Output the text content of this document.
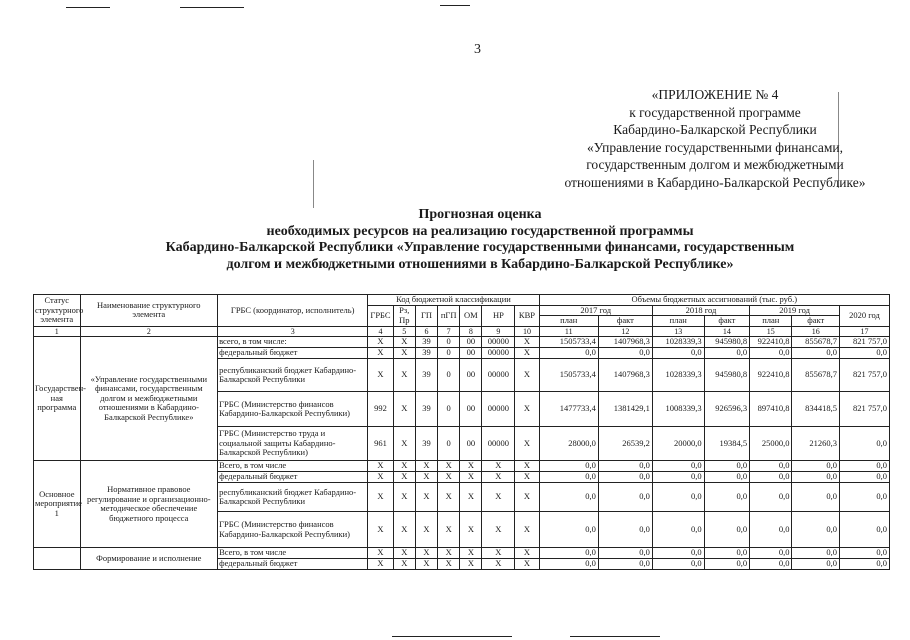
3
«ПРИЛОЖЕНИЕ № 4
к государственной программе
Кабардино-Балкарской Республики
«Управление государственными финансами,
государственным долгом и межбюджетными
отношениями в Кабардино-Балкарской Республике»
Прогнозная оценка
необходимых ресурсов на реализацию государственной программы
Кабардино-Балкарской Республики «Управление государственными финансами, государственным
долгом и межбюджетными отношениями в Кабардино-Балкарской Республике»
Статус структурного элемента	Наименование структурного элемента	ГРБС (координатор, исполнитель)	Код бюджетной классификации							Объемы бюджетных ассигнований (тыс. руб.)						
			ГРБС	Рз, Пр	ГП	пГП	ОМ	НР	КВР	2017 год		2018 год		2019 год		2020 год
										план	факт	план	факт	план	факт	
1	2	3	4	5	6	7	8	9	10	11	12	13	14	15	16	17
Государствен-ная программа	«Управление государственными финансами, государственным долгом и межбюджетными отношениями в Кабардино-Балкарской Республике»	всего, в том числе:	X	X	39	0	00	00000	X	1505733,4	1407968,3	1028339,3	945980,8	922410,8	855678,7	821 757,0
		федеральный бюджет	X	X	39	0	00	00000	X	0,0	0,0	0,0	0,0	0,0	0,0	0,0
		республиканский бюджет Кабардино-Балкарской Республики	X	X	39	0	00	00000	X	1505733,4	1407968,3	1028339,3	945980,8	922410,8	855678,7	821 757,0
		ГРБС (Министерство финансов Кабардино-Балкарской Республики)	992	X	39	0	00	00000	X	1477733,4	1381429,1	1008339,3	926596,3	897410,8	834418,5	821 757,0
		ГРБС (Министерство труда и социальной защиты Кабардино-Балкарской Республики)	961	X	39	0	00	00000	X	28000,0	26539,2	20000,0	19384,5	25000,0	21260,3	0,0
Основное мероприятие 1	Нормативное правовое регулирование и организационно-методическое обеспечение бюджетного процесса	Всего, в том числе	X	X	X	X	X	X	X	0,0	0,0	0,0	0,0	0,0	0,0	0,0
		федеральный бюджет	X	X	X	X	X	X	X	0,0	0,0	0,0	0,0	0,0	0,0	0,0
		республиканский бюджет Кабардино-Балкарской Республики	X	X	X	X	X	X	X	0,0	0,0	0,0	0,0	0,0	0,0	0,0
		ГРБС (Министерство финансов Кабардино-Балкарской Республики)	X	X	X	X	X	X	X	0,0	0,0	0,0	0,0	0,0	0,0	0,0
	Формирование и исполнение	Всего, в том числе	X	X	X	X	X	X	X	0,0	0,0	0,0	0,0	0,0	0,0	0,0
		федеральный бюджет	X	X	X	X	X	X	X	0,0	0,0	0,0	0,0	0,0	0,0	0,0
